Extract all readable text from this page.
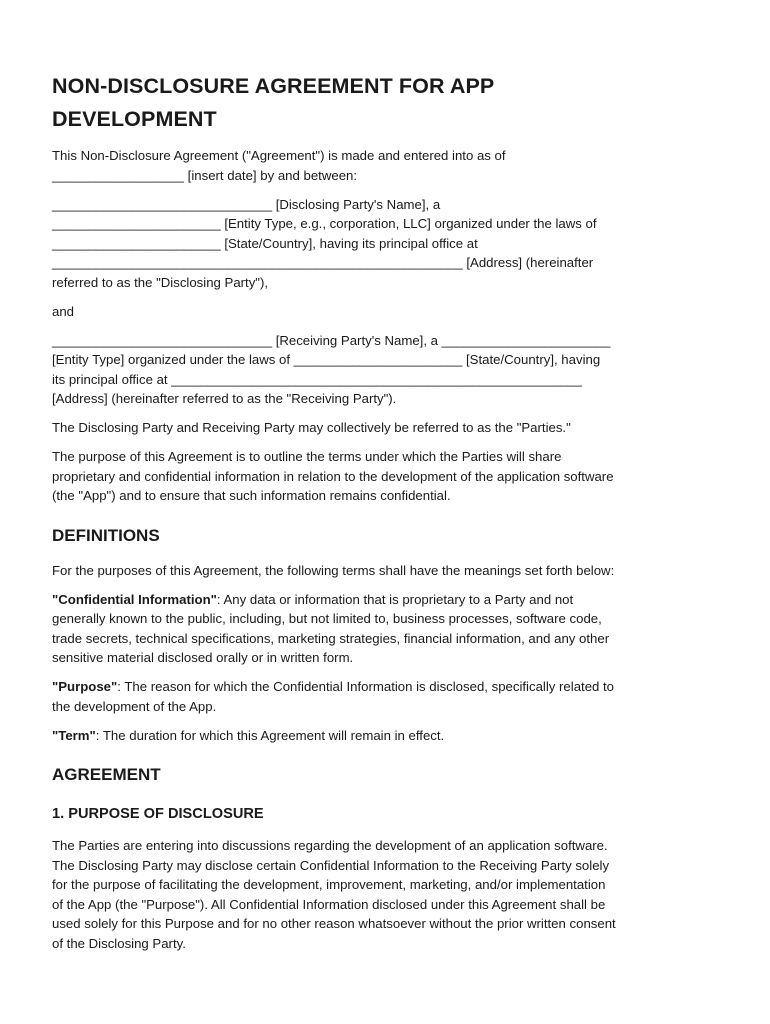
NON-DISCLOSURE AGREEMENT FOR APP
DEVELOPMENT

This Non-Disclosure Agreement ("Agreement") is made and entered into as of
__________________ [insert date] by and between:

______________________________ [Disclosing Party's Name], a
_______________________ [Entity Type, e.g., corporation, LLC] organized under the laws of
_______________________ [State/Country], having its principal office at
________________________________________________________ [Address] (hereinafter
referred to as the "Disclosing Party"),

and

______________________________ [Receiving Party's Name], a _______________________
[Entity Type] organized under the laws of _______________________ [State/Country], having
its principal office at ________________________________________________________
[Address] (hereinafter referred to as the "Receiving Party").

The Disclosing Party and Receiving Party may collectively be referred to as the "Parties."

The purpose of this Agreement is to outline the terms under which the Parties will share
proprietary and confidential information in relation to the development of the application software
(the "App") and to ensure that such information remains confidential.

DEFINITIONS

For the purposes of this Agreement, the following terms shall have the meanings set forth below:

"Confidential Information": Any data or information that is proprietary to a Party and not
generally known to the public, including, but not limited to, business processes, software code,
trade secrets, technical specifications, marketing strategies, financial information, and any other
sensitive material disclosed orally or in written form.

"Purpose": The reason for which the Confidential Information is disclosed, specifically related to
the development of the App.

"Term": The duration for which this Agreement will remain in effect.

AGREEMENT
1. PURPOSE OF DISCLOSURE

The Parties are entering into discussions regarding the development of an application software.
The Disclosing Party may disclose certain Confidential Information to the Receiving Party solely
for the purpose of facilitating the development, improvement, marketing, and/or implementation
of the App (the "Purpose"). All Confidential Information disclosed under this Agreement shall be
used solely for this Purpose and for no other reason whatsoever without the prior written consent
of the Disclosing Party.
